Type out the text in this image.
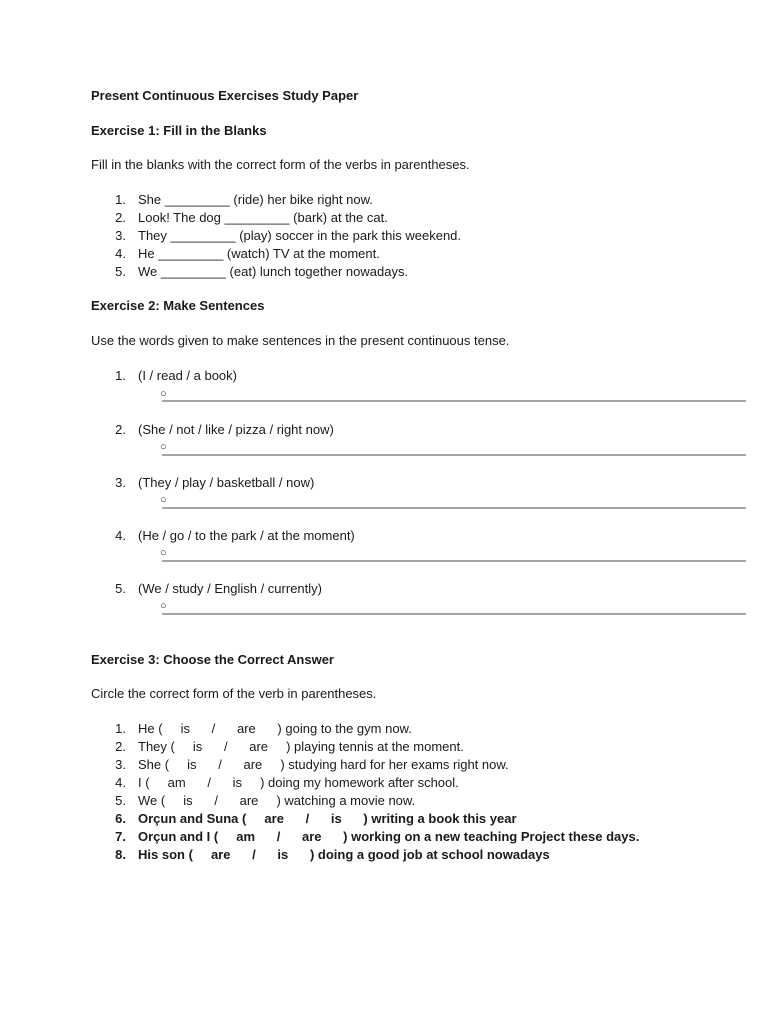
Present Continuous Exercises Study Paper
Exercise 1: Fill in the Blanks
Fill in the blanks with the correct form of the verbs in parentheses.
1. She _________ (ride) her bike right now.
2. Look! The dog _________ (bark) at the cat.
3. They _________ (play) soccer in the park this weekend.
4. He _________ (watch) TV at the moment.
5. We _________ (eat) lunch together nowadays.
Exercise 2: Make Sentences
Use the words given to make sentences in the present continuous tense.
1. (I / read / a book)
○
2. (She / not / like / pizza / right now)
○
3. (They / play / basketball / now)
○
4. (He / go / to the park / at the moment)
○
5. (We / study / English / currently)
○
Exercise 3: Choose the Correct Answer
Circle the correct form of the verb in parentheses.
1. He (     is      /      are      ) going to the gym now.
2. They (     is      /      are     ) playing tennis at the moment.
3. She (     is      /      are     ) studying hard for her exams right now.
4. I (     am      /      is     ) doing my homework after school.
5. We (     is      /      are     ) watching a movie now.
6. Orçun and Suna (     are      /      is      ) writing a book this year
7. Orçun and I (     am      /      are      ) working on a new teaching Project these days.
8. His son (     are      /      is      ) doing a good job at school nowadays
